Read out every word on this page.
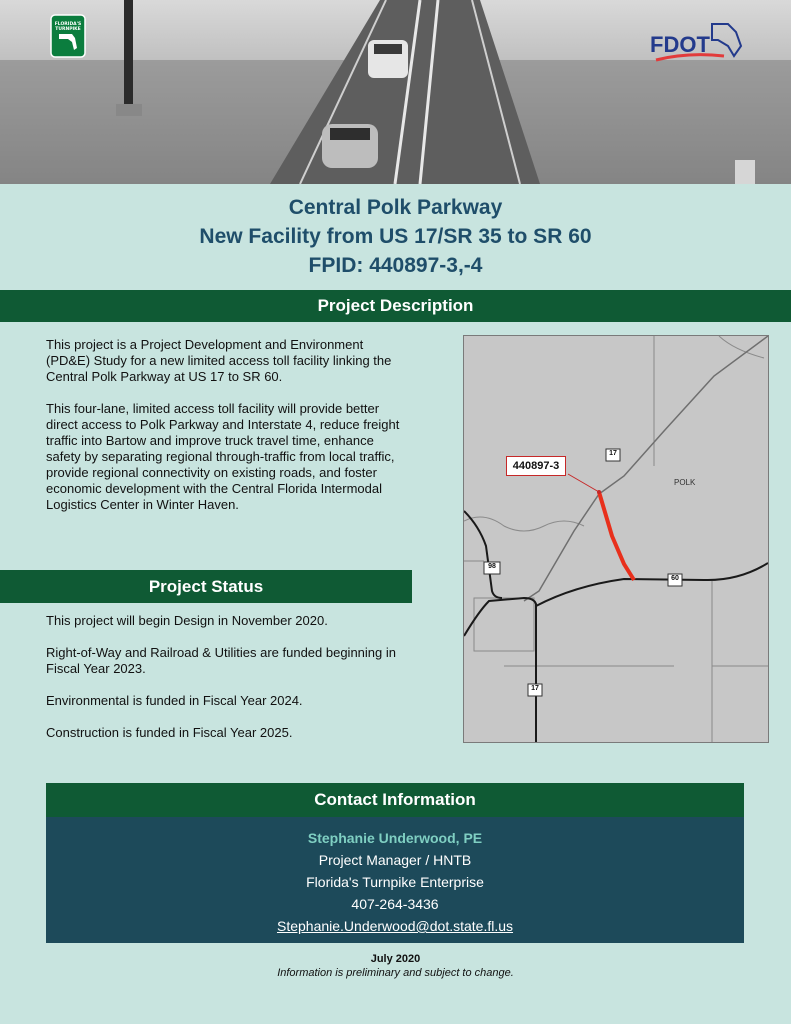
FLORIDA'S
TURNPIKE
FDOT
Central Polk Parkway
New Facility from US 17/SR 35 to SR 60
FPID: 440897-3,-4
Project Description

This project is a Project Development and Environment (PD&E) Study for a new limited access toll facility linking the Central Polk Parkway at US 17 to SR 60.

This four-lane, limited access toll facility will provide better direct access to Polk Parkway and Interstate 4, reduce freight traffic into Bartow and improve truck travel time, enhance safety by separating regional through-traffic from local traffic, provide regional connectivity on existing roads, and foster economic development with the Central Florida Intermodal Logistics Center in Winter Haven.

440897-3
POLK
17
60
98
17
Project Status

This project will begin Design in November 2020.

Right-of-Way and Railroad & Utilities are funded beginning in Fiscal Year 2023.

Environmental is funded in Fiscal Year 2024.

Construction is funded in Fiscal Year 2025.

Contact Information
Stephanie Underwood, PE
Project Manager / HNTB
Florida's Turnpike Enterprise
407-264-3436
Stephanie.Underwood@dot.state.fl.us
July 2020
Information is preliminary and subject to change.
